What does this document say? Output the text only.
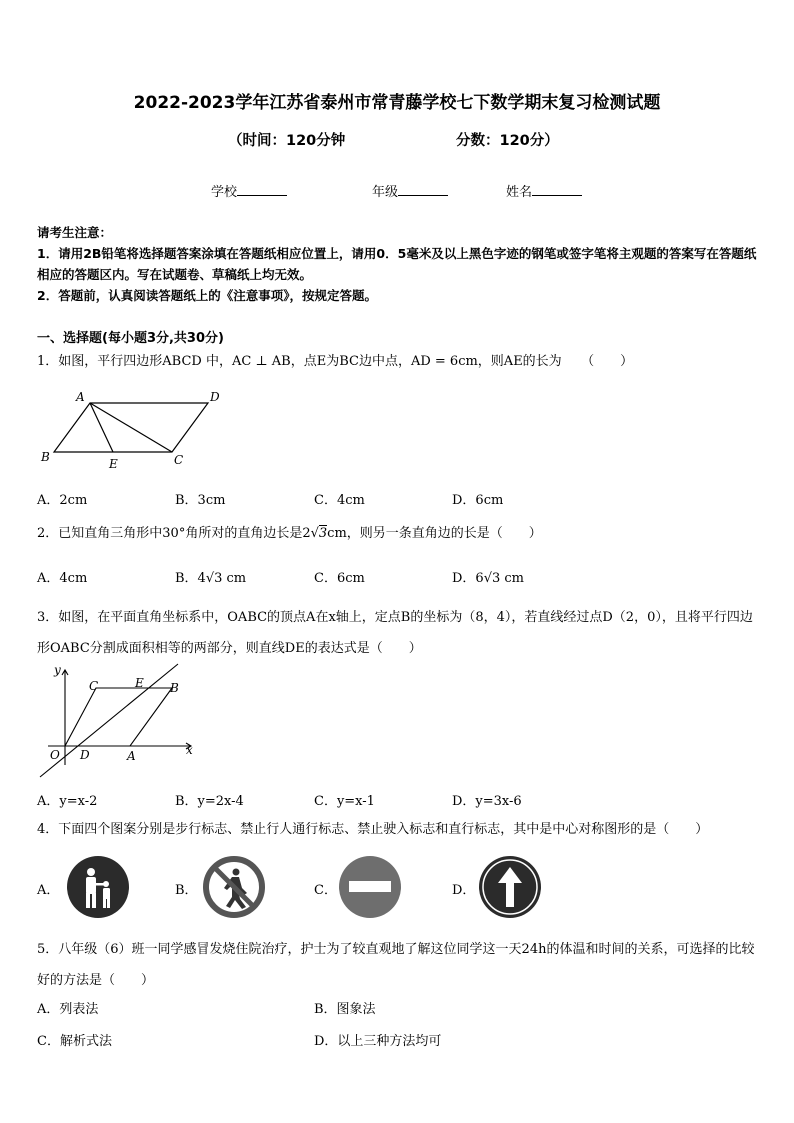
2022-2023学年江苏省泰州市常青藤学校七下数学期末复习检测试题
（时间：120分钟	分数：120分）
学校	年级	姓名
请考生注意：
1．请用2B铅笔将选择题答案涂填在答题纸相应位置上，请用0．5毫米及以上黑色字迹的钢笔或签字笔将主观题的答案写在答题纸相应的答题区内。写在试题卷、草稿纸上均无效。
2．答题前，认真阅读答题纸上的《注意事项》，按规定答题。
一、选择题(每小题3分,共30分)
1．如图，平行四边形ABCD 中，AC ⊥ AB，点E为BC边中点，AD = 6cm，则AE的长为　　（　　）
A	D
B	C
E
A．2cm	B．3cm	C．4cm	D．6cm
2．已知直角三角形中30°角所对的直角边长是2√3cm，则另一条直角边的长是（　　）
A．4cm	B．4√3 cm	C．6cm	D．6√3 cm
3．如图，在平面直角坐标系中，OABC的顶点A在x轴上，定点B的坐标为（8，4），若直线经过点D（2，0），且将平行四边形OABC分割成面积相等的两部分，则直线DE的表达式是（　　）
y
x
O D	A
C	E B
A．y=x-2	B．y=2x-4	C．y=x-1	D．y=3x-6
4．下面四个图案分别是步行标志、禁止行人通行标志、禁止驶入标志和直行标志，其中是中心对称图形的是（　　）
A．	B．	C．	D．
5．八年级（6）班一同学感冒发烧住院治疗，护士为了较直观地了解这位同学这一天24h的体温和时间的关系，可选择的比较好的方法是（　　）
A．列表法	B．图象法
C．解析式法	D．以上三种方法均可
